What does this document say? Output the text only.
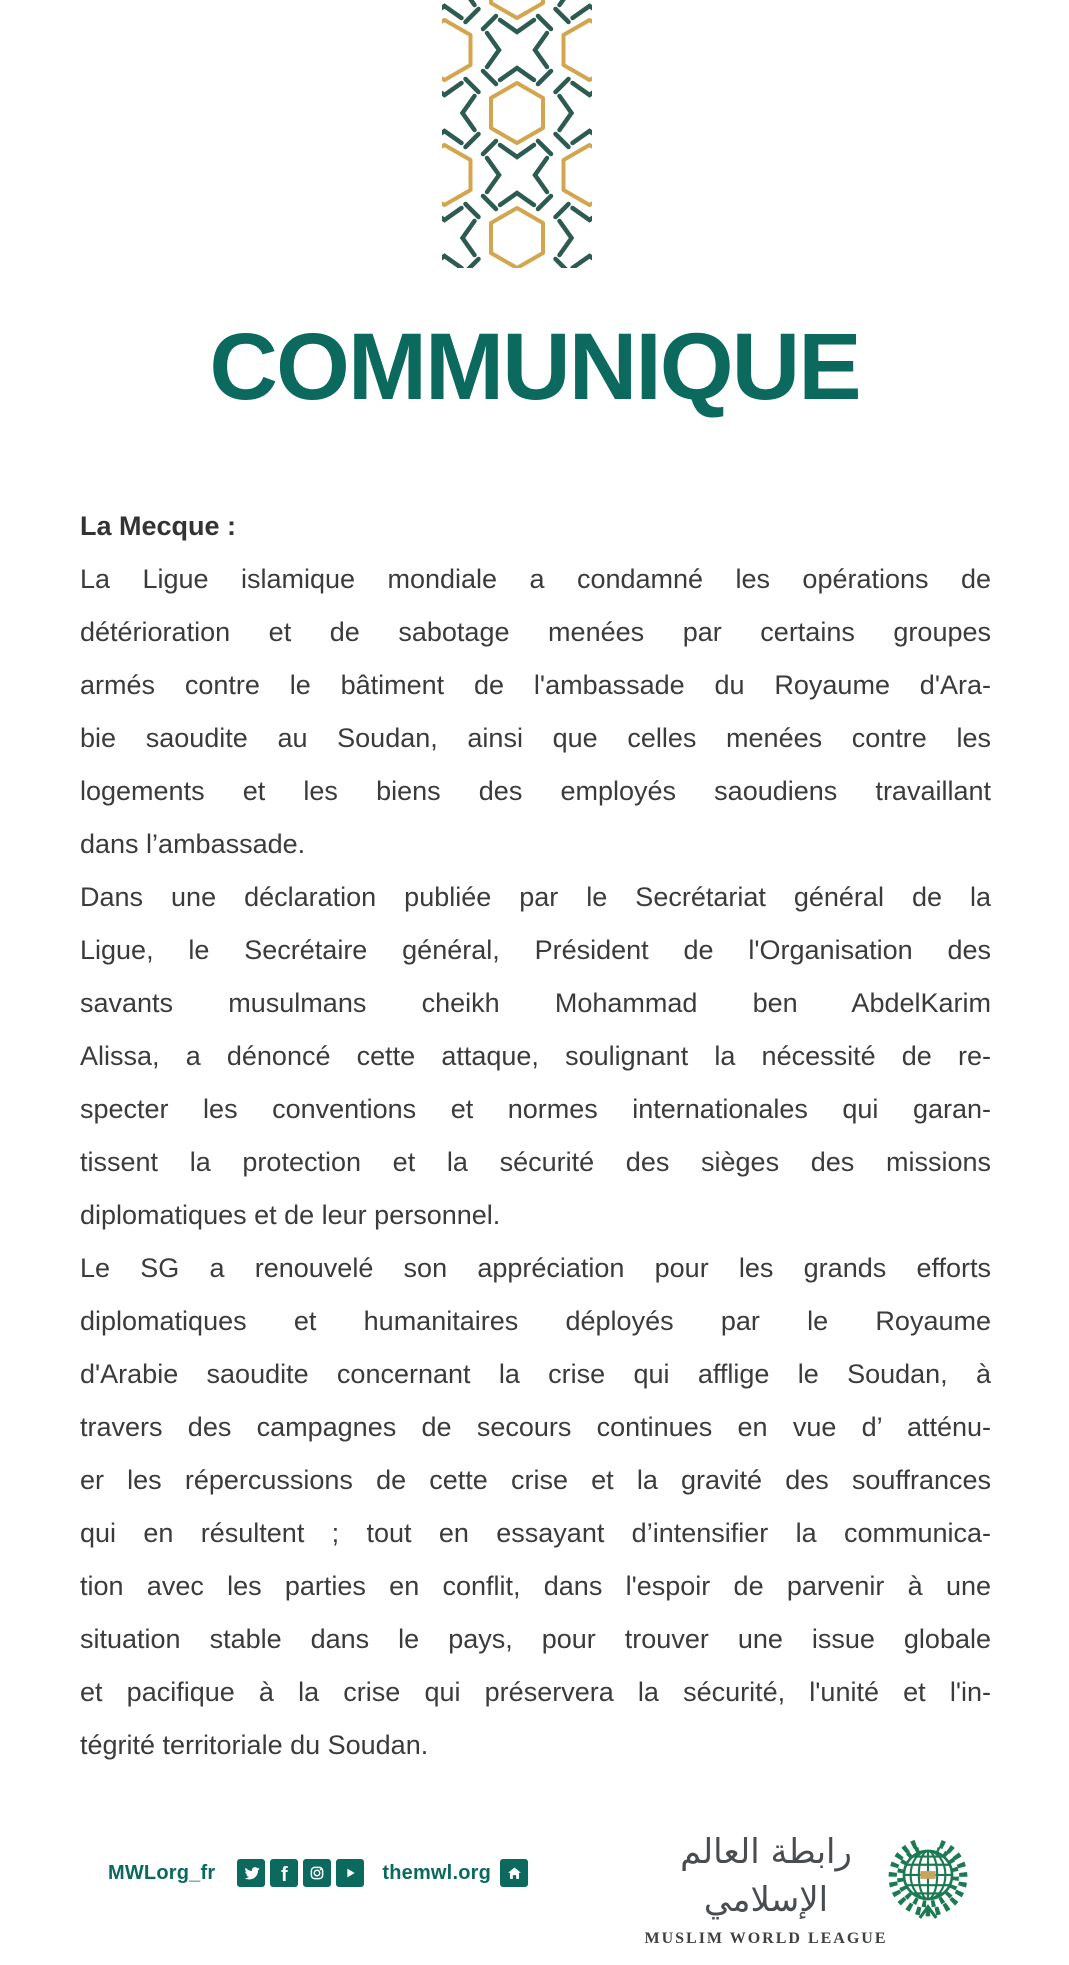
COMMUNIQUE
La Mecque :
La Ligue islamique mondiale a condamné les opérations de
détérioration et de sabotage menées par certains groupes
armés contre le bâtiment de l'ambassade du Royaume d'Ara-
bie saoudite au Soudan, ainsi que celles menées contre les
logements et les biens des employés saoudiens travaillant
dans l’ambassade.
Dans une déclaration publiée par le Secrétariat général de la
Ligue, le Secrétaire général, Président de l'Organisation des
savants musulmans cheikh Mohammad ben AbdelKarim
Alissa, a dénoncé cette attaque, soulignant la nécessité de re-
specter les conventions et normes internationales qui garan-
tissent la protection et la sécurité des sièges des missions
diplomatiques et de leur personnel.
Le SG a renouvelé son appréciation pour les grands efforts
diplomatiques et humanitaires déployés par le Royaume
d'Arabie saoudite concernant la crise qui afflige le Soudan, à
travers des campagnes de secours continues en vue d’ atténu-
er les répercussions de cette crise et la gravité des souffrances
qui en résultent ; tout en essayant d’intensifier la communica-
tion avec les parties en conflit, dans l'espoir de parvenir à une
situation stable dans le pays, pour trouver une issue globale
et pacifique à la crise qui préservera la sécurité, l'unité et l'in-
tégrité territoriale du Soudan.
MWLorg_fr	f	themwl.org
رابطة العالم الإسلامي
MUSLIM WORLD LEAGUE
